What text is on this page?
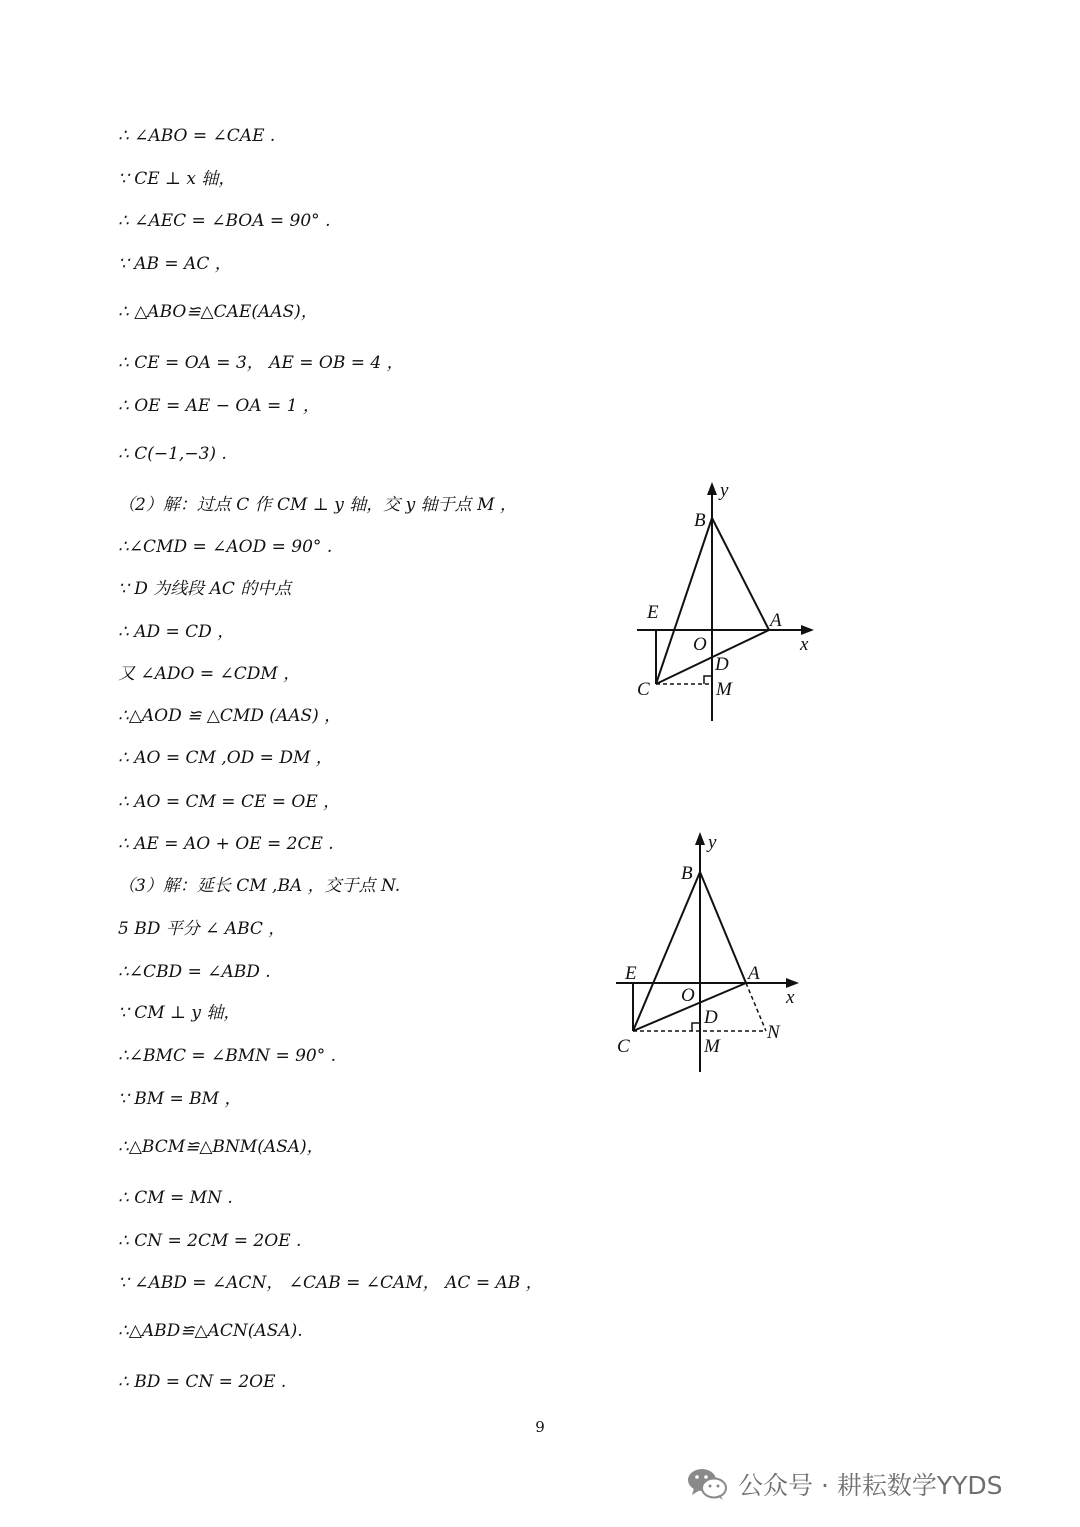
∴ ∠ABO = ∠CAE .
∵ CE ⊥ x 轴，
∴ ∠AEC = ∠BOA = 90° .
∵ AB = AC ，
∴ △ABO≌△CAE(AAS)，
∴ CE = OA = 3， AE = OB = 4 ，
∴ OE = AE − OA = 1 ，
∴ C(−1,−3) .
（2）解：过点 C 作 CM ⊥ y 轴，交 y 轴于点 M ，
∴∠CMD = ∠AOD = 90° .
∵ D 为线段 AC 的中点
∴ AD = CD ，
又 ∠ADO = ∠CDM ，
∴△AOD ≌ △CMD (AAS) ，
∴ AO = CM ,OD = DM ，
∴ AO = CM = CE = OE ，
∴ AE = AO + OE = 2CE .
（3）解：延长 CM ,BA ，交于点 N.
5 BD 平分 ∠ ABC ，
∴∠CBD = ∠ABD .
∵ CM ⊥ y 轴，
∴∠BMC = ∠BMN = 90° .
∵ BM = BM ，
∴△BCM≌△BNM(ASA)，
∴ CM = MN .
∴ CN = 2CM = 2OE .
∵ ∠ABD = ∠ACN， ∠CAB = ∠CAM， AC = AB ，
∴△ABD≌△ACN(ASA).
∴ BD = CN = 2OE .
y
B
E	A
O	x
D
C	M
y
B
E	A
O	x
D
N
C	M
9
公众号 · 耕耘数学YYDS
